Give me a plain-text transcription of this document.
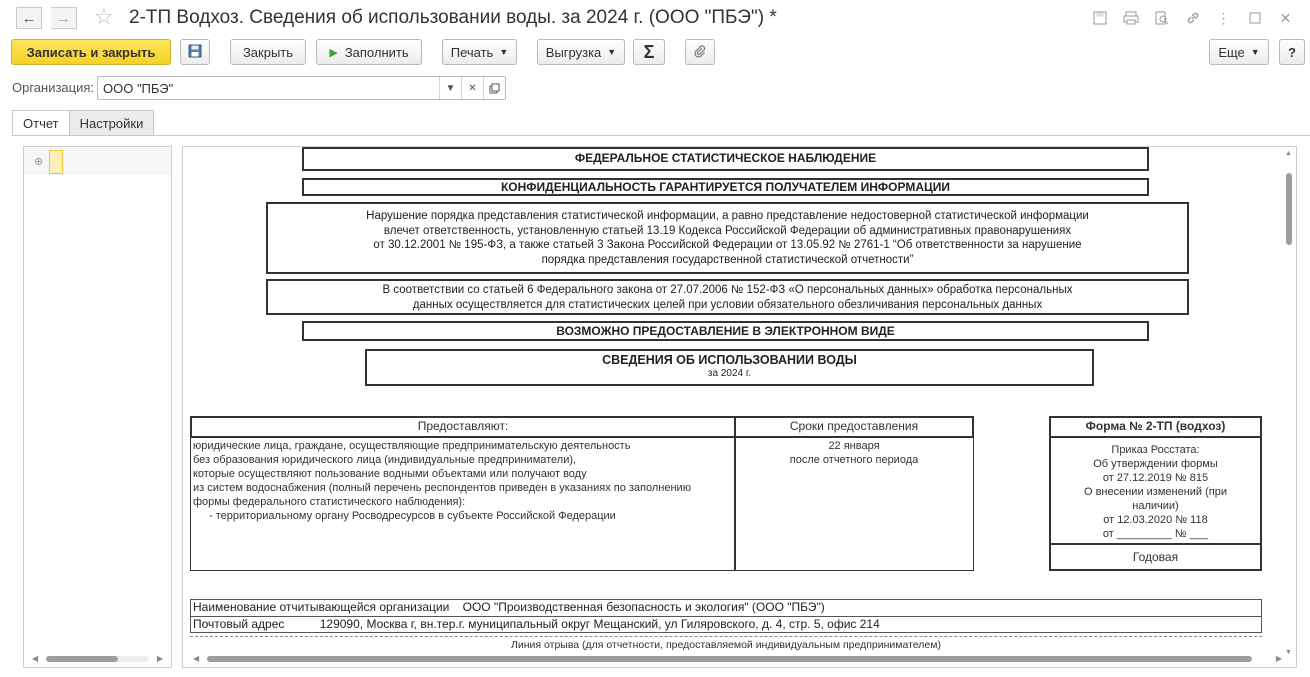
← → ☆ 2-ТП Водхоз. Сведения об использовании воды. за 2024 г. (ООО "ПБЭ") *	⋮	✕
Записать и закрыть	Закрыть	▶ Заполнить	Печать ▼	Выгрузка ▼	Σ	Еще ▼	?
Организация: ООО "ПБЭ"	▼	✕
Отчет	Настройки
⊕
◀	▶
ФЕДЕРАЛЬНОЕ СТАТИСТИЧЕСКОЕ НАБЛЮДЕНИЕ
КОНФИДЕНЦИАЛЬНОСТЬ ГАРАНТИРУЕТСЯ ПОЛУЧАТЕЛЕМ ИНФОРМАЦИИ
Нарушение порядка представления статистической информации, а равно представление недостоверной статистической информации
влечет ответственность, установленную статьей 13.19 Кодекса Российской Федерации об административных правонарушениях
от 30.12.2001 № 195-ФЗ, а также статьей 3 Закона Российской Федерации от 13.05.92 № 2761-1 “Об ответственности за нарушение
порядка представления государственной статистической отчетности”
В соответствии со статьей 6 Федерального закона от 27.07.2006 № 152-ФЗ «О персональных данных» обработка персональных
данных осуществляется для статистических целей при условии обязательного обезличивания персональных данных
ВОЗМОЖНО ПРЕДОСТАВЛЕНИЕ В ЭЛЕКТРОННОМ ВИДЕ
СВЕДЕНИЯ ОБ ИСПОЛЬЗОВАНИИ ВОДЫ
за 2024 г.
Предоставляют:
юридические лица, граждане, осуществляющие предпринимательскую деятельность
без образования юридического лица (индивидуальные предприниматели),
которые осуществляют пользование водными объектами или получают воду
из систем водоснабжения (полный перечень респондентов приведен в указаниях по заполнению
формы федерального статистического наблюдения):
- территориальному органу Росводресурсов в субъекте Российской Федерации
Сроки предоставления
22 января
после отчетного периода
Форма № 2-ТП (водхоз)
Приказ Росстата:
Об утверждении формы
от 27.12.2019 № 815
О внесении изменений (при
наличии)
от 12.03.2020 № 118
от _________ № ___
Годовая
Наименование отчитывающейся организации ООО "Производственная безопасность и экология" (ООО "ПБЭ")
Почтовый адрес	129090, Москва г, вн.тер.г. муниципальный округ Мещанский, ул Гиляровского, д. 4, стр. 5, офис 214
Линия отрыва (для отчетности, предоставляемой индивидуальным предпринимателем)
▲
▼
◀	▶
